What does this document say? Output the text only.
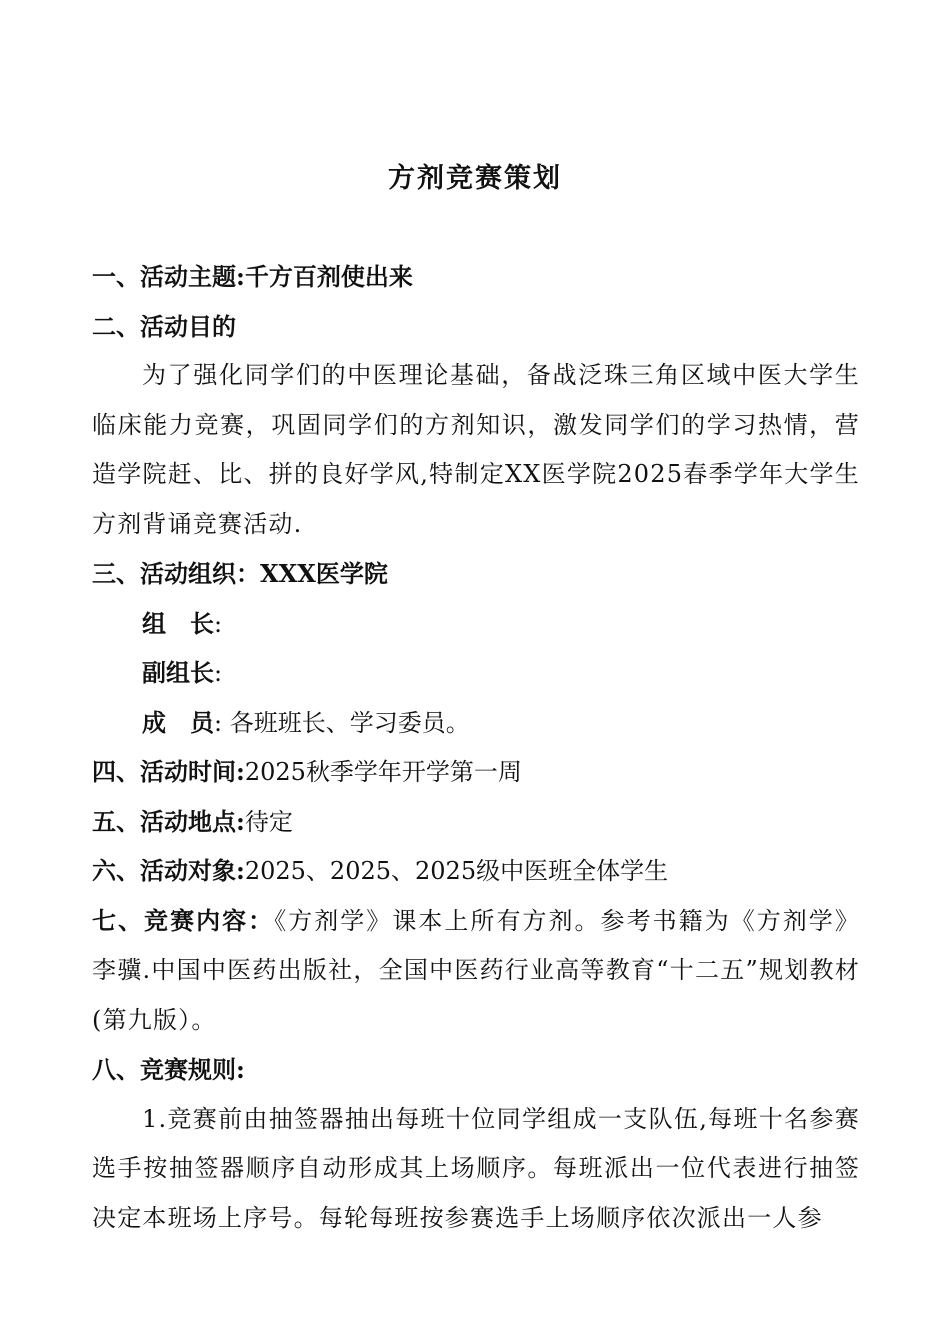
方剂竞赛策划
一、活动主题:千方百剂使出来
二、活动目的
为了强化同学们的中医理论基础，备战泛珠三角区域中医大学生临床能力竞赛，巩固同学们的方剂知识，激发同学们的学习热情，营造学院赶、比、拼的良好学风,特制定XX医学院2025春季学年大学生方剂背诵竞赛活动.
三、活动组织：XXX医学院
组　长:
副组长:
成　员: 各班班长、学习委员。
四、活动时间:2025秋季学年开学第一周
五、活动地点:待定
六、活动对象:2025、2025、2025级中医班全体学生
七、竞赛内容：《方剂学》课本上所有方剂。参考书籍为《方剂学》李骥.中国中医药出版社，全国中医药行业高等教育“十二五”规划教材(第九版）。
八、竞赛规则:
1.竞赛前由抽签器抽出每班十位同学组成一支队伍,每班十名参赛选手按抽签器顺序自动形成其上场顺序。每班派出一位代表进行抽签决定本班场上序号。每轮每班按参赛选手上场顺序依次派出一人参
